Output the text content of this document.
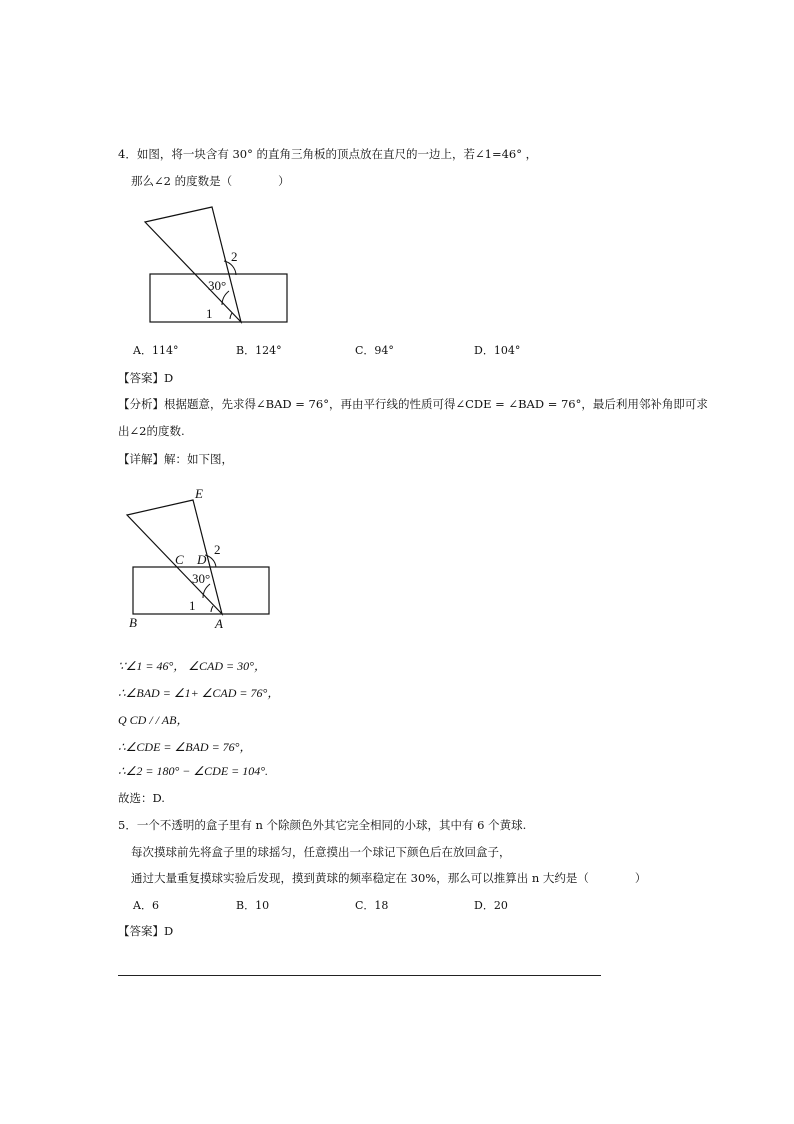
4．如图，将一块含有 30° 的直角三角板的顶点放在直尺的一边上，若∠1=46° ，
那么∠2 的度数是（　　　　）
2
30°
1
A．114°	B．124°	C．94°	D．104°
【答案】D
【分析】根据题意，先求得∠BAD = 76°，再由平行线的性质可得∠CDE = ∠BAD = 76°，最后利用邻补角即可求
出∠2的度数.
【详解】解：如下图，
E
C D
2
30°
1
B	A
∵∠1 = 46°， ∠CAD = 30°，
∴∠BAD = ∠1+ ∠CAD = 76°，
Q CD / / AB，
∴∠CDE = ∠BAD = 76°，
∴∠2 = 180° − ∠CDE = 104°.
故选：D.
5．一个不透明的盒子里有 n 个除颜色外其它完全相同的小球，其中有 6 个黄球.
每次摸球前先将盒子里的球摇匀，任意摸出一个球记下颜色后在放回盒子，
通过大量重复摸球实验后发现，摸到黄球的频率稳定在 30%，那么可以推算出 n 大约是（　　　　）
A．6	B．10	C．18	D．20
【答案】D
